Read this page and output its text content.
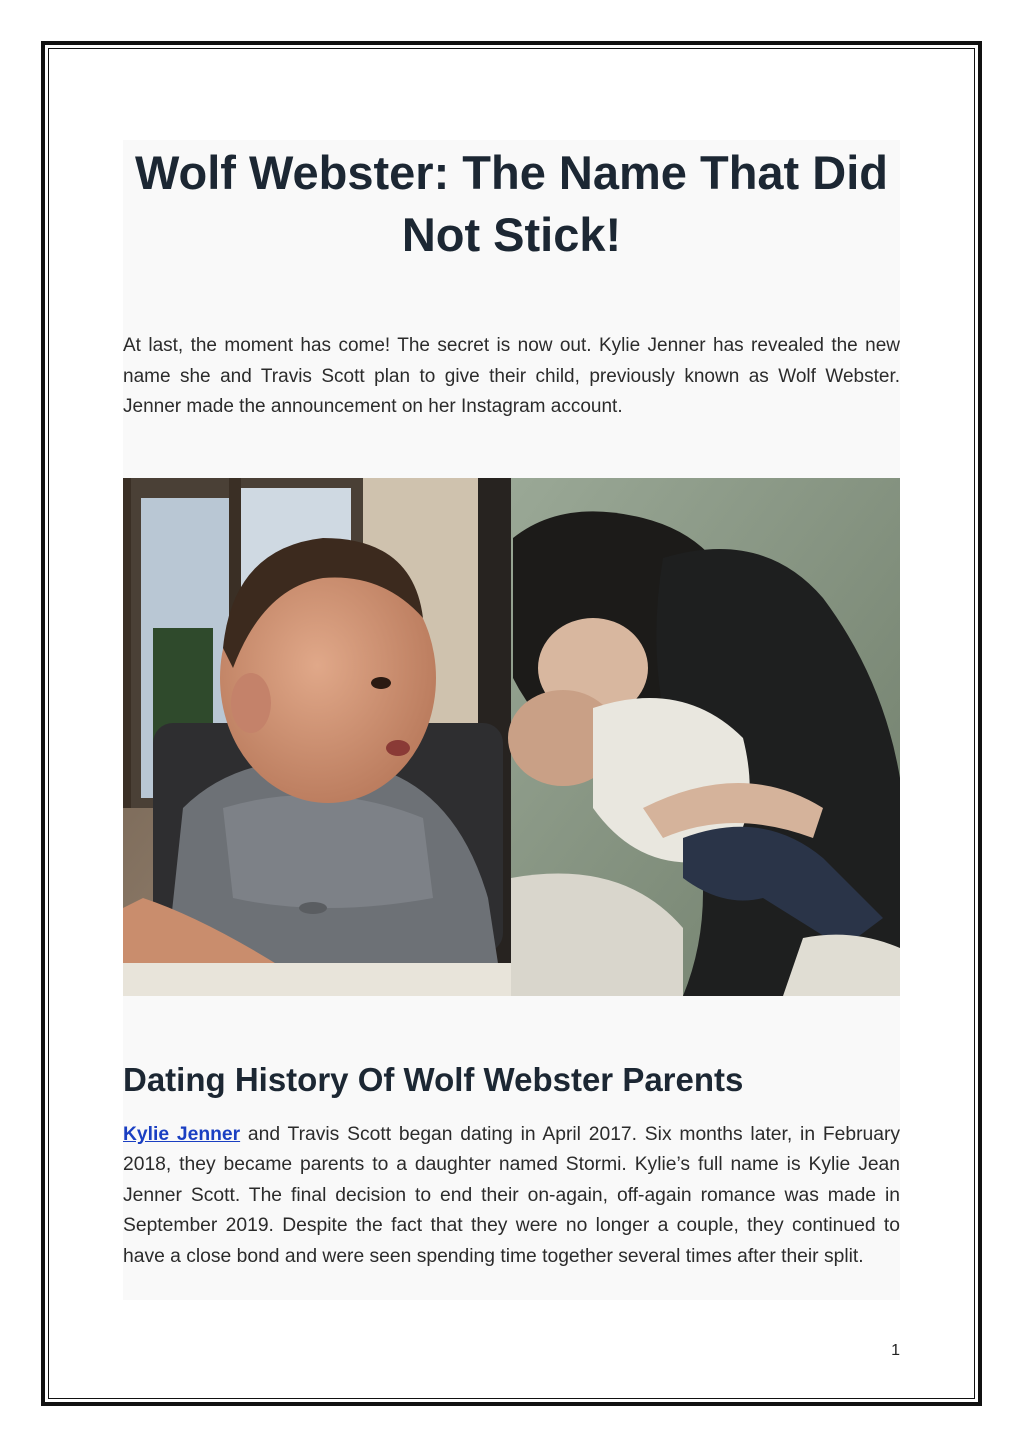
Wolf Webster: The Name That Did Not Stick!

At last, the moment has come! The secret is now out. Kylie Jenner has revealed the new name she and Travis Scott plan to give their child, previously known as Wolf Webster. Jenner made the announcement on her Instagram account.

Dating History Of Wolf Webster Parents

Kylie Jenner and Travis Scott began dating in April 2017. Six months later, in February 2018, they became parents to a daughter named Stormi. Kylie’s full name is Kylie Jean Jenner Scott. The final decision to end their on-again, off-again romance was made in September 2019. Despite the fact that they were no longer a couple, they continued to have a close bond and were seen spending time together several times after their split.

1
